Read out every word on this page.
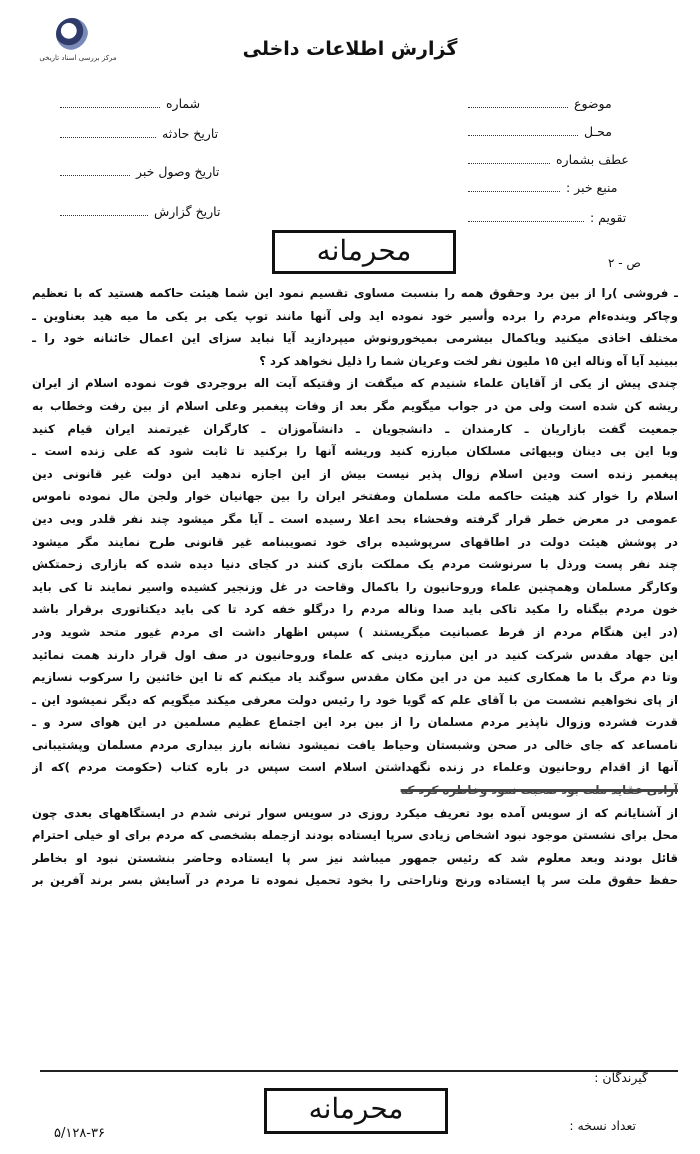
مرکز بررسی اسناد تاریخی	گزارش اطلاعات داخلی
شماره
تاریخ حادثه
تاریخ وصول خبر
تاریخ گزارش
موضوع
محـل
عطف بشماره
منبع خبر :
تقویم :
محرمانه	ص - ۲
ـ فروشی )را از بین برد وحقوق همه را بنسبت مساوی تقسیم نمود این شما هیئت حاکمه هستید که با تعظیم
وچاکر ویندهءام مردم را برده وأسیر خود نموده اید ولی آنها مانند توپ یکی بر یکی ما میه هید بعناوین ـ
مختلف اخاذی میکنید ویاکمال بیشرمی بمیخورونوش میپردازید آیا نباید سزای این اعمال خائنانه خود را ـ
ببینید آیا آ‌ه وناله این ۱۵ ملیون نفر لخت وعریان شما را ذلیل نخواهد کرد ؟
چندی پیش از یکی از آقایان علماء شنیدم که میگفت از وقتیکه آیت اله بروجردی فوت نموده اسلام از ایران
ریشه کن شده است ولی من در جواب میگویم مگر بعد از وفات پیغمبر وعلی اسلام از بین رفت وخطاب به
جمعیت گفت بازاریان ـ کارمندان ـ دانشجویان ـ دانشآموزان ـ کارگران غیرتمند ایران قیام کنید
وبا این بی دینان وبیهائی مسلکان مبارزه کنید وریشه آنها را برکنید تا ثابت شود که علی زنده است ـ
پیغمبر زنده است ودین اسلام زوال پذیر نیست بیش از این اجازه ندهید این دولت غیر قانونی دین
اسلام را خوار کند هیئت حاکمه ملت مسلمان ومفتخر ایران را بین جهانیان خوار ولجن مال نموده ناموس
عمومی در معرض خطر قرار گرفته وفحشاء بحد اعلا رسیده است ـ آیا مگر میشود چند نفر قلدر وبی دین
در پوشش هیئت دولت در اطاقهای سرپوشیده برای خود تصویبنامه غیر قانونی طرح نمایند مگر میشود
چند نفر پست ورذل با سرنوشت مردم یک مملکت بازی کنند در کجای دنیا دیده شده که بازاری زحمتکش
وکارگر مسلمان وهمچنین علماء وروحانیون را باکمال وقاحت در غل وزنجیر کشیده واسیر نمایند تا کی باید
خون مردم بیگناه را مکید تاکی باید صدا وناله مردم را درگلو خفه کرد تا کی باید دیکتاتوری برقرار باشد
(در این هنگام مردم از فرط عصبانیت میگریستند ) سپس اظهار داشت ای مردم غیور متحد شوید ودر
این جهاد مقدس شرکت کنید در این مبارزه دینی که علماء وروحانیون در صف اول قرار دارند همت نمائید
وتا دم مرگ با ما همکاری کنید من در این مکان مقدس سوگند یاد میکنم که تا این خائنین را سرکوب نسازیم
از پای نخواهیم نشست من با آقای علم که گویا خود را رئیس دولت معرفی میکند میگویم که دیگر نمیشود این ـ
قدرت فشرده وزوال ناپذیر مردم مسلمان را از بین برد این اجتماع عظیم مسلمین در این هوای سرد و ـ
نامساعد که جای خالی در صحن وشبستان وحیاط یافت نمیشود نشانه بارز بیداری مردم مسلمان وپشتیبانی
آنها از اقدام روحانیون وعلماء در زنده نگهداشتن اسلام است سپس در باره کتاب (حکومت مردم )که از
آزادی عقاید ملت بود صحبت نمود وخاطره کرد که
از آشنایانم که از سویس آمده بود تعریف میکرد روزی در سویس سوار ترنی شدم در ایستگاههای بعدی چون
محل برای نشستن موجود نبود اشخاص زیادی سرپا ایستاده بودند ازجمله بشخصی که مردم برای او خیلی احترام
قائل بودند وبعد معلوم شد که رئیس جمهور میباشد نیز سر پا ایستاده وحاضر بنشستن نبود او بخاطر
حفظ حقوق ملت سر پا ایستاده ورنج وناراحتی را بخود تحمیل نموده تا مردم در آسایش بسر برند آفرین بر
گیرندگان :
محرمانه
تعداد نسخه :
۵/۱۲۸-۳۶
